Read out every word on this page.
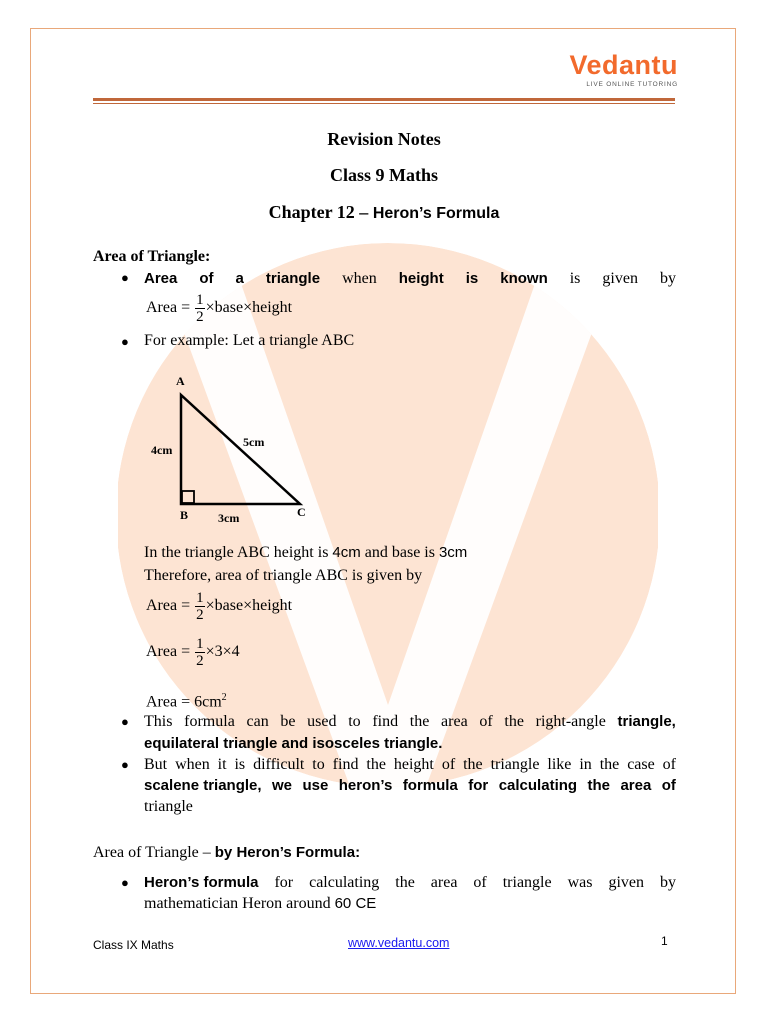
Vedantu
LIVE ONLINE TUTORING
Revision Notes
Class 9 Maths
Chapter 12 – Heron’s Formula
Area of Triangle:
● Area of a triangle when height is known is given by
Area = $\frac{1}{2}$ ×base×height
● For example: Let a triangle ABC
A
B	C
4cm
5cm
3cm
In the triangle ABC height is 4cm and base is 3cm
Therefore, area of triangle ABC is given by
Area = $\frac{1}{2}$ ×base×height
Area = $\frac{1}{2} \times 3\times 4$
Area = $6cm^2$
● This formula can be used to find the area of the right-angle triangle,
equilateral triangle and isosceles triangle.
● But when it is difficult to find the height of the triangle like in the case of
scalene triangle, we use heron’s formula for calculating the area of
triangle
Area of Triangle – by Heron’s Formula:
● Heron’s formula for calculating the area of triangle was given by
mathematician Heron around 60 CE
Class IX Maths	www.vedantu.com	1
